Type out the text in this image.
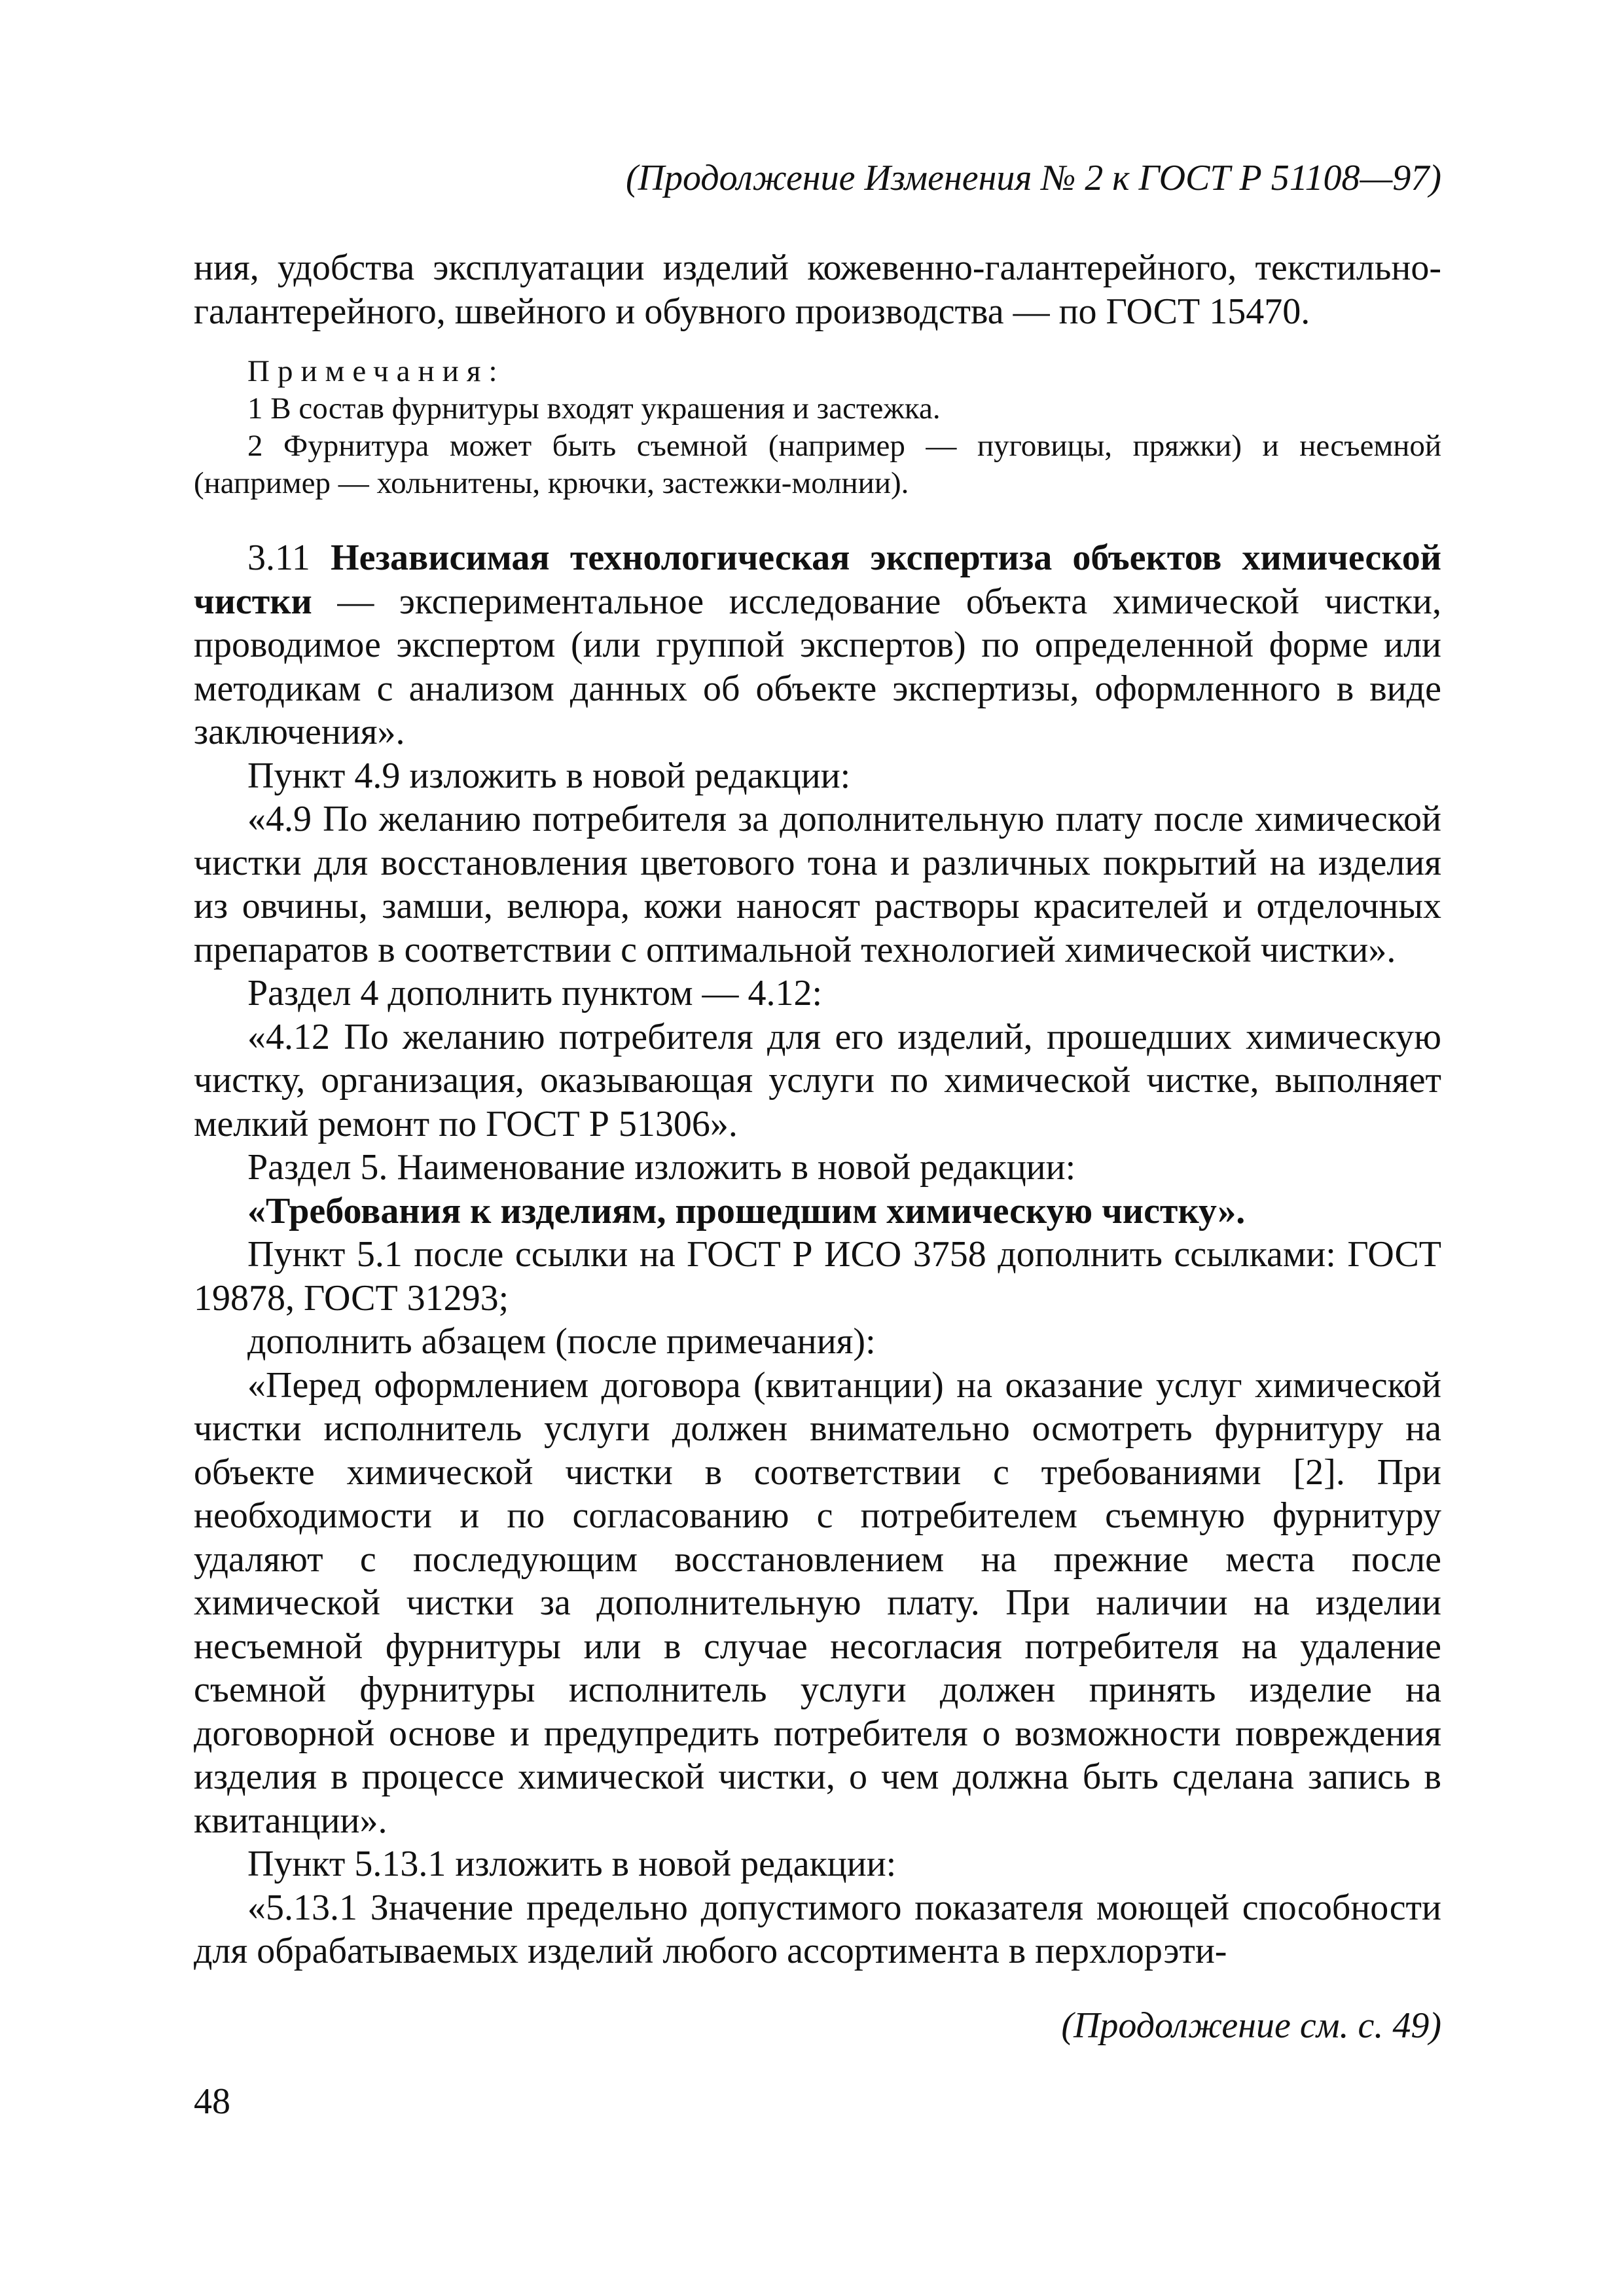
(Продолжение Изменения № 2 к ГОСТ Р 51108—97)

ния, удобства эксплуатации изделий кожевенно-галантерейного, текстильно-галантерейного, швейного и обувного производства — по ГОСТ 15470.

Примечания:
1 В состав фурнитуры входят украшения и застежка.
2 Фурнитура может быть съемной (например — пуговицы, пряжки) и несъемной (например — хольнитены, крючки, застежки-молнии).

3.11 Независимая технологическая экспертиза объектов химической чистки — экспериментальное исследование объекта химической чистки, проводимое экспертом (или группой экспертов) по определенной форме или методикам с анализом данных об объекте экспертизы, оформленного в виде заключения».

Пункт 4.9 изложить в новой редакции:

«4.9 По желанию потребителя за дополнительную плату после химической чистки для восстановления цветового тона и различных покрытий на изделия из овчины, замши, велюра, кожи наносят растворы красителей и отделочных препаратов в соответствии с оптимальной технологией химической чистки».

Раздел 4 дополнить пунктом — 4.12:

«4.12 По желанию потребителя для его изделий, прошедших химическую чистку, организация, оказывающая услуги по химической чистке, выполняет мелкий ремонт по ГОСТ Р 51306».

Раздел 5. Наименование изложить в новой редакции:

«Требования к изделиям, прошедшим химическую чистку».

Пункт 5.1 после ссылки на ГОСТ Р ИСО 3758 дополнить ссылками: ГОСТ 19878, ГОСТ 31293;

дополнить абзацем (после примечания):

«Перед оформлением договора (квитанции) на оказание услуг химической чистки исполнитель услуги должен внимательно осмотреть фурнитуру на объекте химической чистки в соответствии с требованиями [2]. При необходимости и по согласованию с потребителем съемную фурнитуру удаляют с последующим восстановлением на прежние места после химической чистки за дополнительную плату. При наличии на изделии несъемной фурнитуры или в случае несогласия потребителя на удаление съемной фурнитуры исполнитель услуги должен принять изделие на договорной основе и предупредить потребителя о возможности повреждения изделия в процессе химической чистки, о чем должна быть сделана запись в квитанции».

Пункт 5.13.1 изложить в новой редакции:

«5.13.1 Значение предельно допустимого показателя моющей способности для обрабатываемых изделий любого ассортимента в перхлорэти-

(Продолжение см. с. 49)
48
